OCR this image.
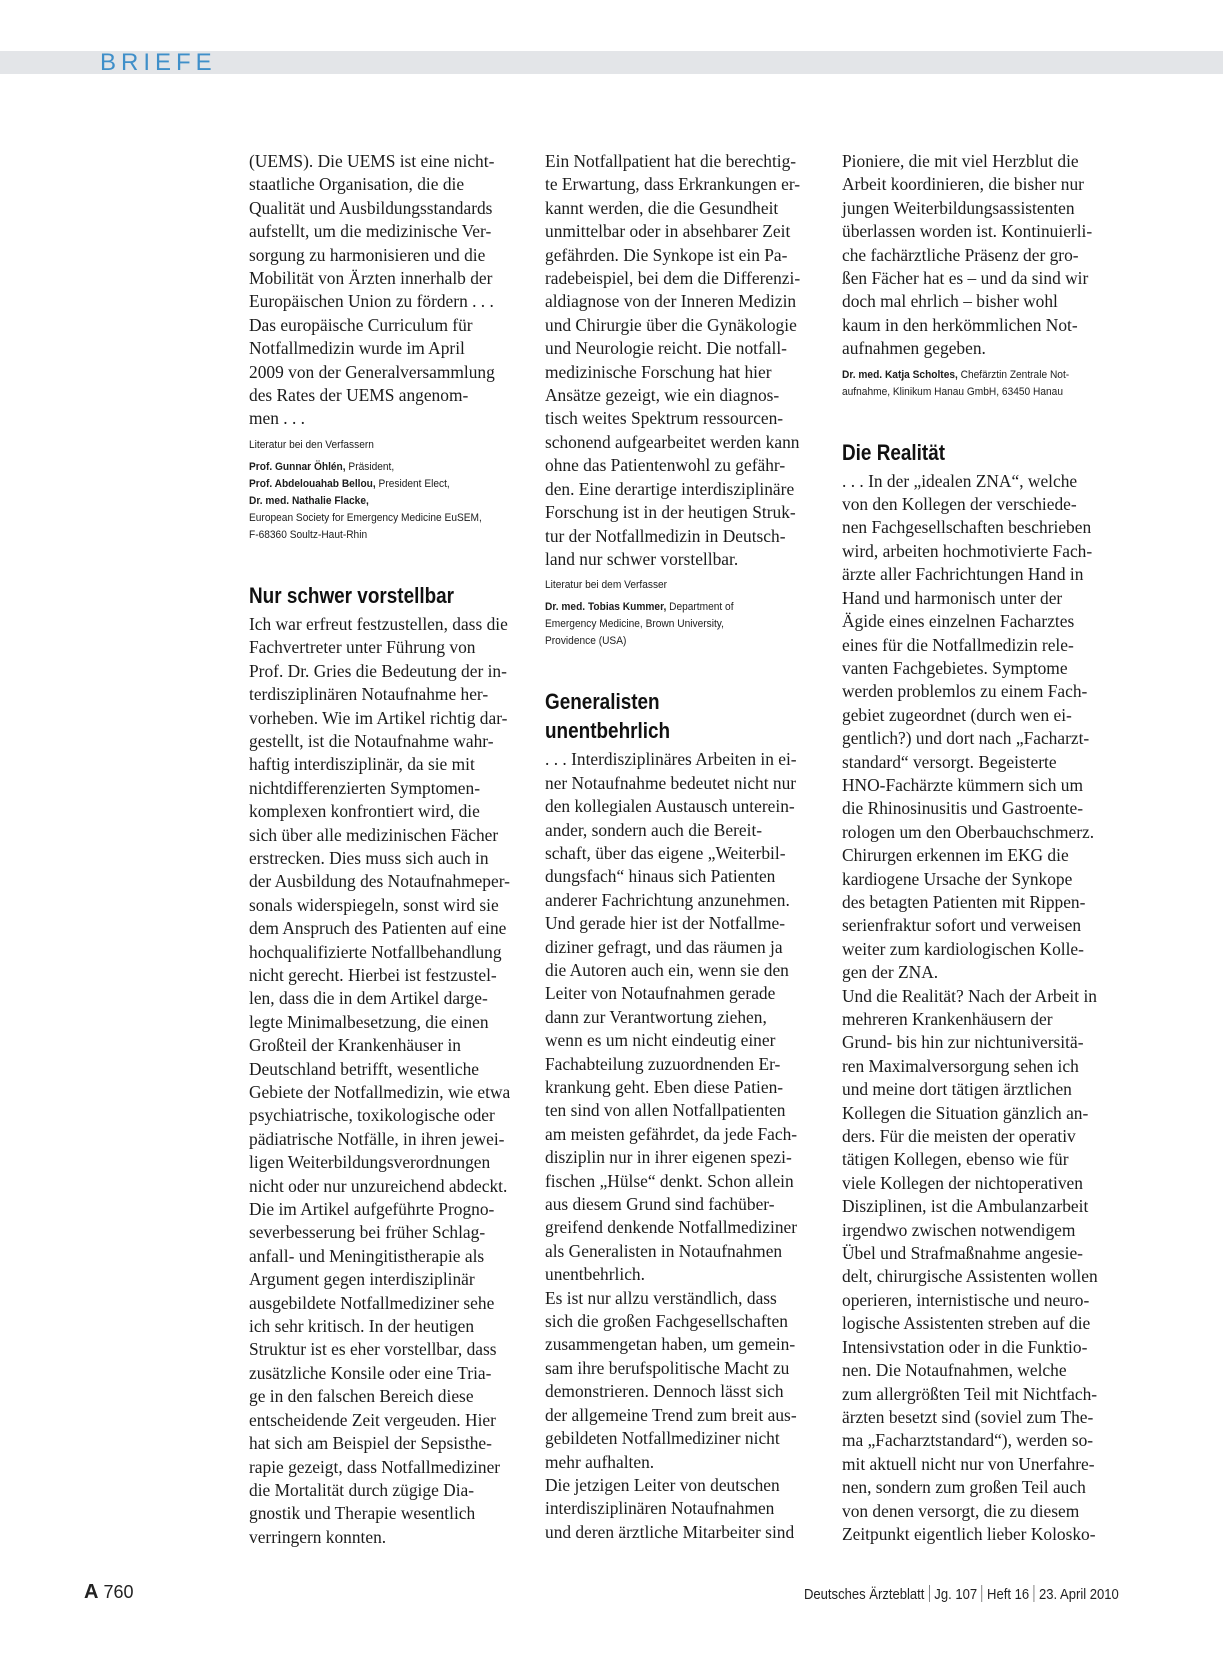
BRIEFE
(UEMS). Die UEMS ist eine nicht-
staatliche Organisation, die die
Qualität und Ausbildungsstandards
aufstellt, um die medizinische Ver-
sorgung zu harmonisieren und die
Mobilität von Ärzten innerhalb der
Europäischen Union zu fördern . . .
Das europäische Curriculum für
Notfallmedizin wurde im April
2009 von der Generalversammlung
des Rates der UEMS angenom-
men . . .
Literatur bei den Verfassern
Prof. Gunnar Öhlén, Präsident,
Prof. Abdelouahab Bellou, President Elect,
Dr. med. Nathalie Flacke,
European Society for Emergency Medicine EuSEM,
F-68360 Soultz-Haut-Rhin
Nur schwer vorstellbar
Ich war erfreut festzustellen, dass die
Fachvertreter unter Führung von
Prof. Dr. Gries die Bedeutung der in-
terdisziplinären Notaufnahme her-
vorheben. Wie im Artikel richtig dar-
gestellt, ist die Notaufnahme wahr-
haftig interdisziplinär, da sie mit
nichtdifferenzierten Symptomen-
komplexen konfrontiert wird, die
sich über alle medizinischen Fächer
erstrecken. Dies muss sich auch in
der Ausbildung des Notaufnahmeper-
sonals widerspiegeln, sonst wird sie
dem Anspruch des Patienten auf eine
hochqualifizierte Notfallbehandlung
nicht gerecht. Hierbei ist festzustel-
len, dass die in dem Artikel darge-
legte Minimalbesetzung, die einen
Großteil der Krankenhäuser in
Deutschland betrifft, wesentliche
Gebiete der Notfallmedizin, wie etwa
psychiatrische, toxikologische oder
pädiatrische Notfälle, in ihren jewei-
ligen Weiterbildungsverordnungen
nicht oder nur unzureichend abdeckt.
Die im Artikel aufgeführte Progno-
severbesserung bei früher Schlag-
anfall- und Meningitistherapie als
Argument gegen interdisziplinär
ausgebildete Notfallmediziner sehe
ich sehr kritisch. In der heutigen
Struktur ist es eher vorstellbar, dass
zusätzliche Konsile oder eine Tria-
ge in den falschen Bereich diese
entscheidende Zeit vergeuden. Hier
hat sich am Beispiel der Sepsisthe-
rapie gezeigt, dass Notfallmediziner
die Mortalität durch zügige Dia-
gnostik und Therapie wesentlich
verringern konnten.
Ein Notfallpatient hat die berechtig-
te Erwartung, dass Erkrankungen er-
kannt werden, die die Gesundheit
unmittelbar oder in absehbarer Zeit
gefährden. Die Synkope ist ein Pa-
radebeispiel, bei dem die Differenzi-
aldiagnose von der Inneren Medizin
und Chirurgie über die Gynäkologie
und Neurologie reicht. Die notfall-
medizinische Forschung hat hier
Ansätze gezeigt, wie ein diagnos-
tisch weites Spektrum ressourcen-
schonend aufgearbeitet werden kann
ohne das Patientenwohl zu gefähr-
den. Eine derartige interdisziplinäre
Forschung ist in der heutigen Struk-
tur der Notfallmedizin in Deutsch-
land nur schwer vorstellbar.
Literatur bei dem Verfasser
Dr. med. Tobias Kummer, Department of
Emergency Medicine, Brown University,
Providence (USA)
Generalisten
unentbehrlich
. . . Interdisziplinäres Arbeiten in ei-
ner Notaufnahme bedeutet nicht nur
den kollegialen Austausch unterein-
ander, sondern auch die Bereit-
schaft, über das eigene „Weiterbil-
dungsfach“ hinaus sich Patienten
anderer Fachrichtung anzunehmen.
Und gerade hier ist der Notfallme-
diziner gefragt, und das räumen ja
die Autoren auch ein, wenn sie den
Leiter von Notaufnahmen gerade
dann zur Verantwortung ziehen,
wenn es um nicht eindeutig einer
Fachabteilung zuzuordnenden Er-
krankung geht. Eben diese Patien-
ten sind von allen Notfallpatienten
am meisten gefährdet, da jede Fach-
disziplin nur in ihrer eigenen spezi-
fischen „Hülse“ denkt. Schon allein
aus diesem Grund sind fachüber-
greifend denkende Notfallmediziner
als Generalisten in Notaufnahmen
unentbehrlich.
Es ist nur allzu verständlich, dass
sich die großen Fachgesellschaften
zusammengetan haben, um gemein-
sam ihre berufspolitische Macht zu
demonstrieren. Dennoch lässt sich
der allgemeine Trend zum breit aus-
gebildeten Notfallmediziner nicht
mehr aufhalten.
Die jetzigen Leiter von deutschen
interdisziplinären Notaufnahmen
und deren ärztliche Mitarbeiter sind
Pioniere, die mit viel Herzblut die
Arbeit koordinieren, die bisher nur
jungen Weiterbildungsassistenten
überlassen worden ist. Kontinuierli-
che fachärztliche Präsenz der gro-
ßen Fächer hat es – und da sind wir
doch mal ehrlich – bisher wohl
kaum in den herkömmlichen Not-
aufnahmen gegeben.
Dr. med. Katja Scholtes, Chefärztin Zentrale Not-
aufnahme, Klinikum Hanau GmbH, 63450 Hanau
Die Realität
. . . In der „idealen ZNA“, welche
von den Kollegen der verschiede-
nen Fachgesellschaften beschrieben
wird, arbeiten hochmotivierte Fach-
ärzte aller Fachrichtungen Hand in
Hand und harmonisch unter der
Ägide eines einzelnen Facharztes
eines für die Notfallmedizin rele-
vanten Fachgebietes. Symptome
werden problemlos zu einem Fach-
gebiet zugeordnet (durch wen ei-
gentlich?) und dort nach „Facharzt-
standard“ versorgt. Begeisterte
HNO-Fachärzte kümmern sich um
die Rhinosinusitis und Gastroente-
rologen um den Oberbauchschmerz.
Chirurgen erkennen im EKG die
kardiogene Ursache der Synkope
des betagten Patienten mit Rippen-
serienfraktur sofort und verweisen
weiter zum kardiologischen Kolle-
gen der ZNA.
Und die Realität? Nach der Arbeit in
mehreren Krankenhäusern der
Grund- bis hin zur nichtuniversitä-
ren Maximalversorgung sehen ich
und meine dort tätigen ärztlichen
Kollegen die Situation gänzlich an-
ders. Für die meisten der operativ
tätigen Kollegen, ebenso wie für
viele Kollegen der nichtoperativen
Disziplinen, ist die Ambulanzarbeit
irgendwo zwischen notwendigem
Übel und Strafmaßnahme angesie-
delt, chirurgische Assistenten wollen
operieren, internistische und neuro-
logische Assistenten streben auf die
Intensivstation oder in die Funktio-
nen. Die Notaufnahmen, welche
zum allergrößten Teil mit Nichtfach-
ärzten besetzt sind (soviel zum The-
ma „Facharztstandard“), werden so-
mit aktuell nicht nur von Unerfahre-
nen, sondern zum großen Teil auch
von denen versorgt, die zu diesem
Zeitpunkt eigentlich lieber Kolosko-
A 760	Deutsches Ärzteblatt Jg. 107 Heft 16 23. April 2010
